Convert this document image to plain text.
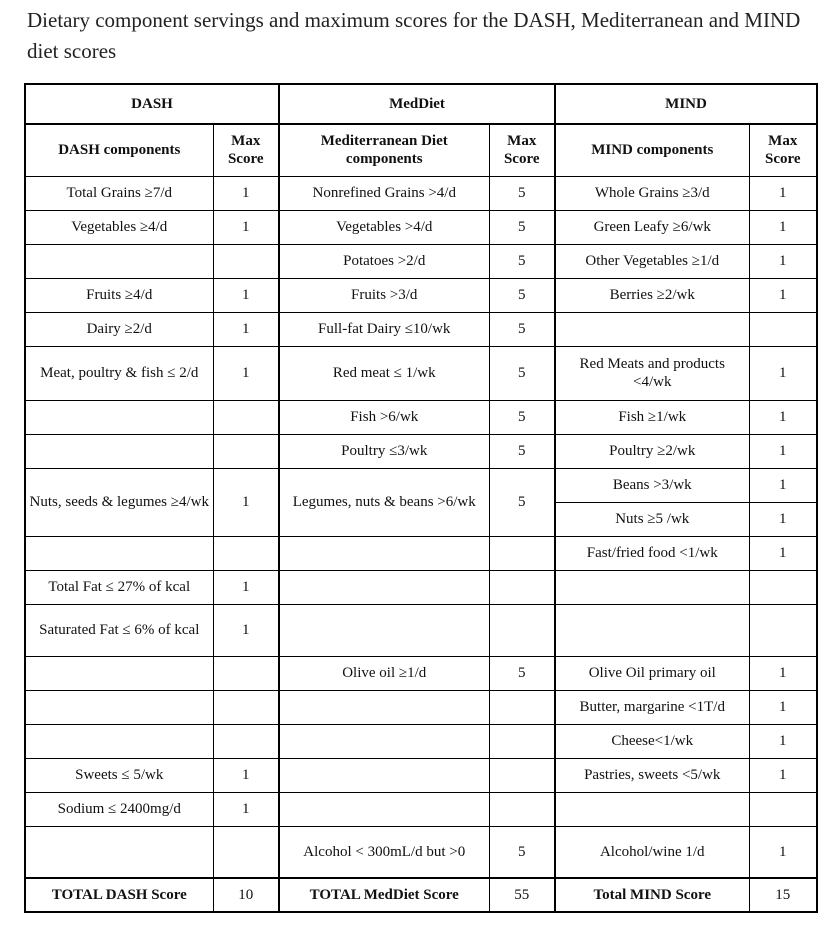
Dietary component servings and maximum scores for the DASH, Mediterranean and MIND diet scores
DASH		MedDiet		MIND	
DASH components	Max Score	Mediterranean Diet components	Max Score	MIND components	Max Score
Total Grains ≥7/d	1	Nonrefined Grains >4/d	5	Whole Grains ≥3/d	1
Vegetables ≥4/d	1	Vegetables >4/d	5	Green Leafy ≥6/wk	1
		Potatoes >2/d	5	Other Vegetables ≥1/d	1
Fruits ≥4/d	1	Fruits >3/d	5	Berries ≥2/wk	1
Dairy ≥2/d	1	Full-fat Dairy ≤10/wk	5		
Meat, poultry & fish ≤ 2/d	1	Red meat ≤ 1/wk	5	Red Meats and products <4/wk	1
		Fish >6/wk	5	Fish ≥1/wk	1
		Poultry ≤3/wk	5	Poultry ≥2/wk	1
Nuts, seeds & legumes ≥4/wk	1	Legumes, nuts & beans >6/wk	5	Beans >3/wk	1
				Nuts ≥5 /wk	1
				Fast/fried food <1/wk	1
Total Fat ≤ 27% of kcal	1				
Saturated Fat ≤ 6% of kcal	1				
		Olive oil ≥1/d	5	Olive Oil primary oil	1
				Butter, margarine <1T/d	1
				Cheese<1/wk	1
Sweets ≤ 5/wk	1			Pastries, sweets <5/wk	1
Sodium ≤ 2400mg/d	1				
		Alcohol < 300mL/d but >0	5	Alcohol/wine 1/d	1
TOTAL DASH Score	10	TOTAL MedDiet Score	55	Total MIND Score	15
